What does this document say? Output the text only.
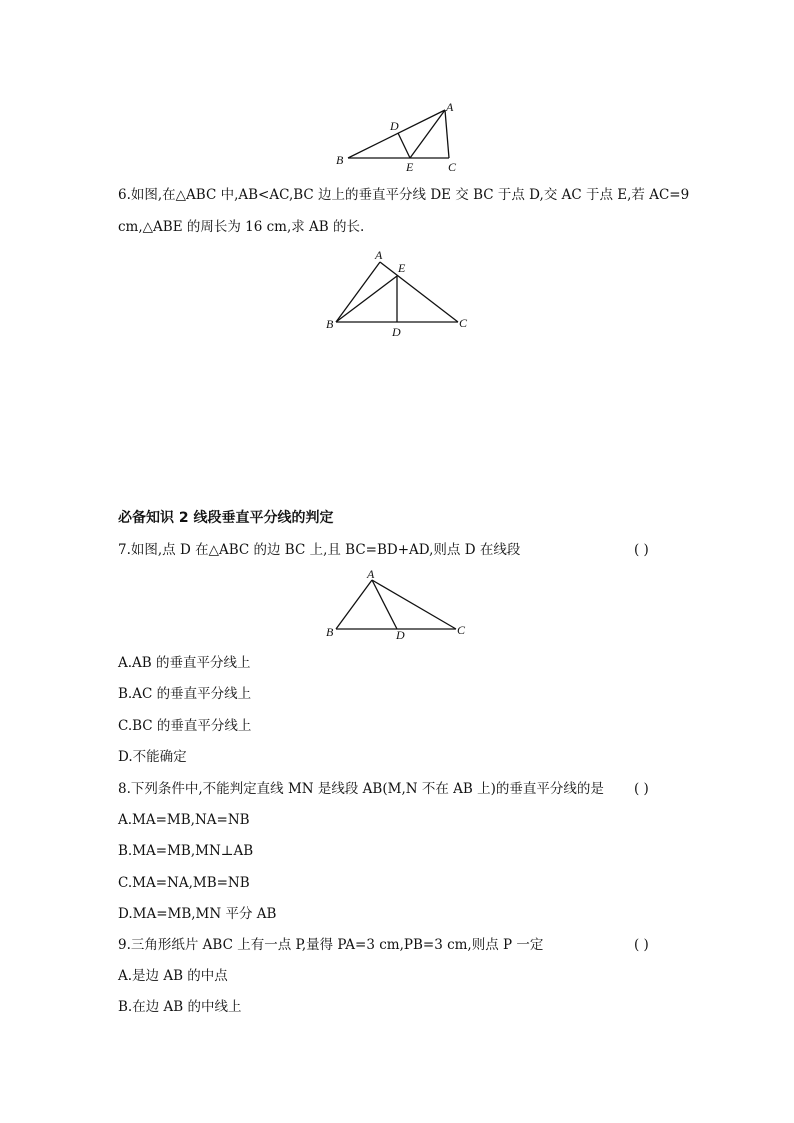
A
B	C
D
E
A
B	C
D
E
A
B	C
D
6.如图,在△ABC 中,AB<AC,BC 边上的垂直平分线 DE 交 BC 于点 D,交 AC 于点 E,若 AC=9
cm,△ABE 的周长为 16 cm,求 AB 的长.
必备知识 2 线段垂直平分线的判定
7.如图,点 D 在△ABC 的边 BC 上,且 BC=BD+AD,则点 D 在线段	( )
A.AB 的垂直平分线上
B.AC 的垂直平分线上
C.BC 的垂直平分线上
D.不能确定
8.下列条件中,不能判定直线 MN 是线段 AB(M,N 不在 AB 上)的垂直平分线的是 ( )
A.MA=MB,NA=NB
B.MA=MB,MN⊥AB
C.MA=NA,MB=NB
D.MA=MB,MN 平分 AB
9.三角形纸片 ABC 上有一点 P,量得 PA=3 cm,PB=3 cm,则点 P 一定	( )
A.是边 AB 的中点
B.在边 AB 的中线上
